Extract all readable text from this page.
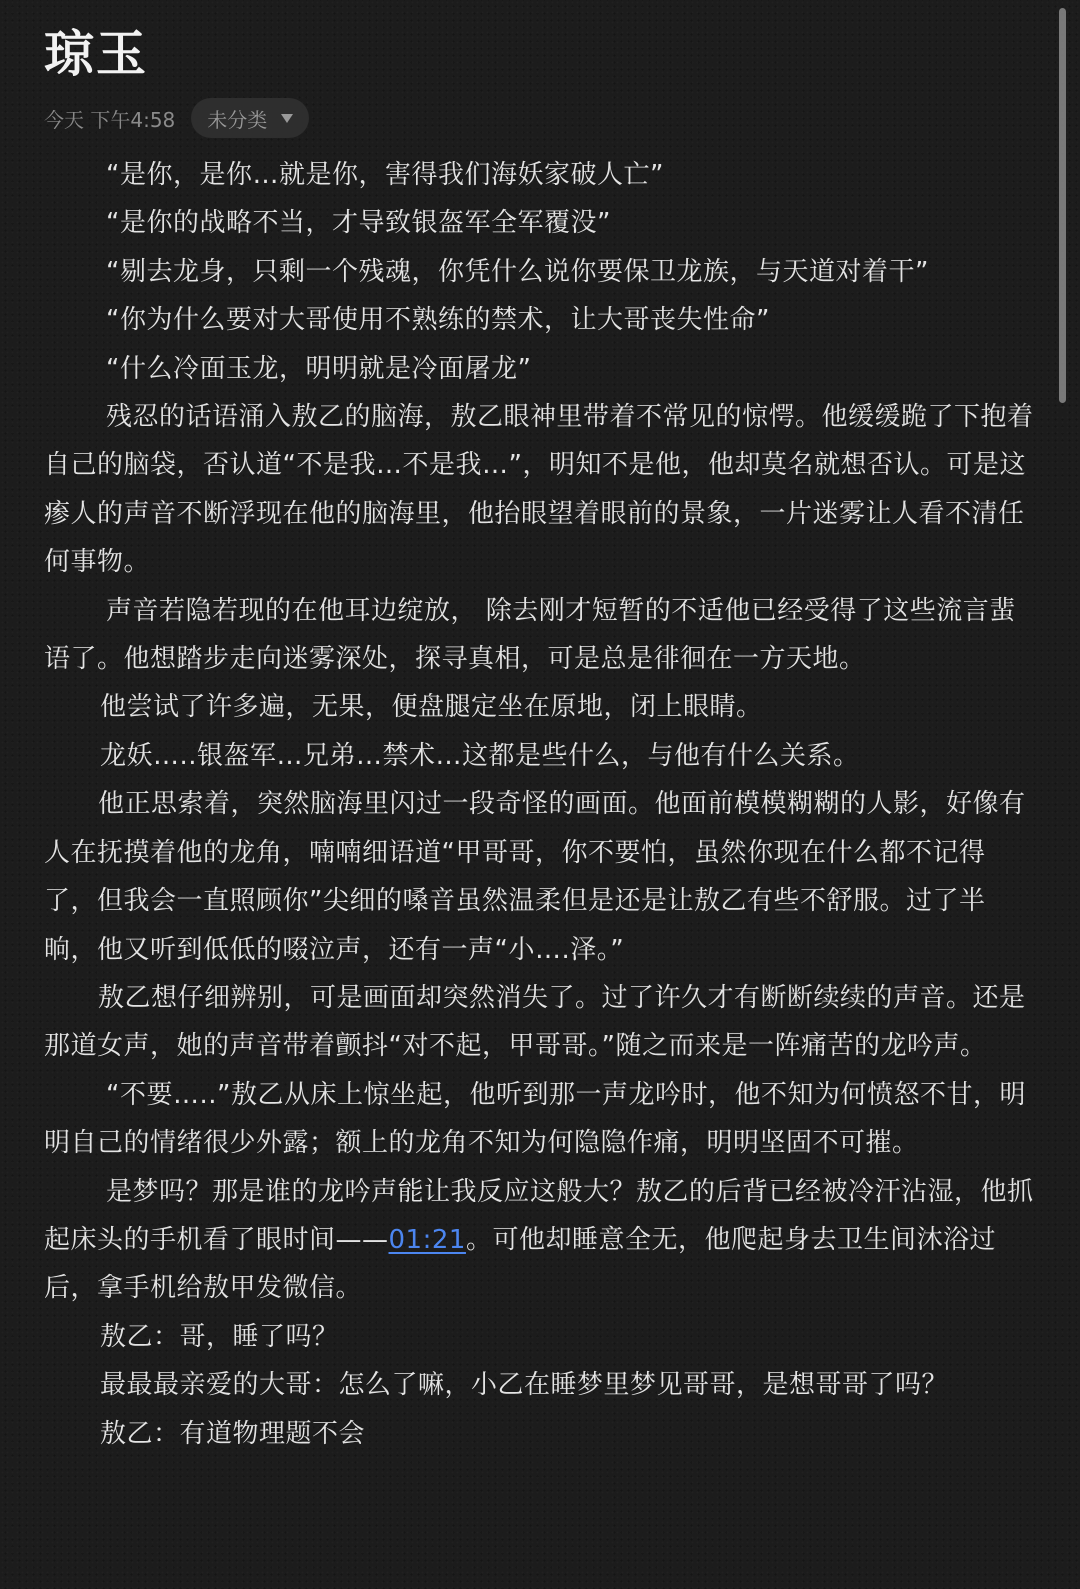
琼玉
今天 下午4:58 未分类

“是你，是你…就是你，害得我们海妖家破人亡”

“是你的战略不当，才导致银盔军全军覆没”

“剔去龙身，只剩一个残魂，你凭什么说你要保卫龙族，与天道对着干”

“你为什么要对大哥使用不熟练的禁术，让大哥丧失性命”

“什么冷面玉龙，明明就是冷面屠龙”

残忍的话语涌入敖乙的脑海，敖乙眼神里带着不常见的惊愕。他缓缓跪了下抱着自己的脑袋，否认道“不是我…不是我…”，明知不是他，他却莫名就想否认。可是这瘆人的声音不断浮现在他的脑海里，他抬眼望着眼前的景象，一片迷雾让人看不清任何事物。

声音若隐若现的在他耳边绽放， 除去刚才短暂的不适他已经受得了这些流言蜚语了。他想踏步走向迷雾深处，探寻真相，可是总是徘徊在一方天地。

他尝试了许多遍，无果，便盘腿定坐在原地，闭上眼睛。

龙妖…..银盔军…兄弟…禁术…这都是些什么，与他有什么关系。

他正思索着，突然脑海里闪过一段奇怪的画面。他面前模模糊糊的人影，好像有人在抚摸着他的龙角，喃喃细语道“甲哥哥，你不要怕，虽然你现在什么都不记得了，但我会一直照顾你”尖细的嗓音虽然温柔但是还是让敖乙有些不舒服。过了半晌，他又听到低低的啜泣声，还有一声“小….泽。”

敖乙想仔细辨别，可是画面却突然消失了。过了许久才有断断续续的声音。还是那道女声，她的声音带着颤抖“对不起，甲哥哥。”随之而来是一阵痛苦的龙吟声。

“不要…..”敖乙从床上惊坐起，他听到那一声龙吟时，他不知为何愤怒不甘，明明自己的情绪很少外露；额上的龙角不知为何隐隐作痛，明明坚固不可摧。

是梦吗？那是谁的龙吟声能让我反应这般大？敖乙的后背已经被冷汗沾湿，他抓起床头的手机看了眼时间——01:21。可他却睡意全无，他爬起身去卫生间沐浴过后，拿手机给敖甲发微信。

敖乙：哥，睡了吗？

最最最亲爱的大哥：怎么了嘛，小乙在睡梦里梦见哥哥，是想哥哥了吗？

敖乙：有道物理题不会
